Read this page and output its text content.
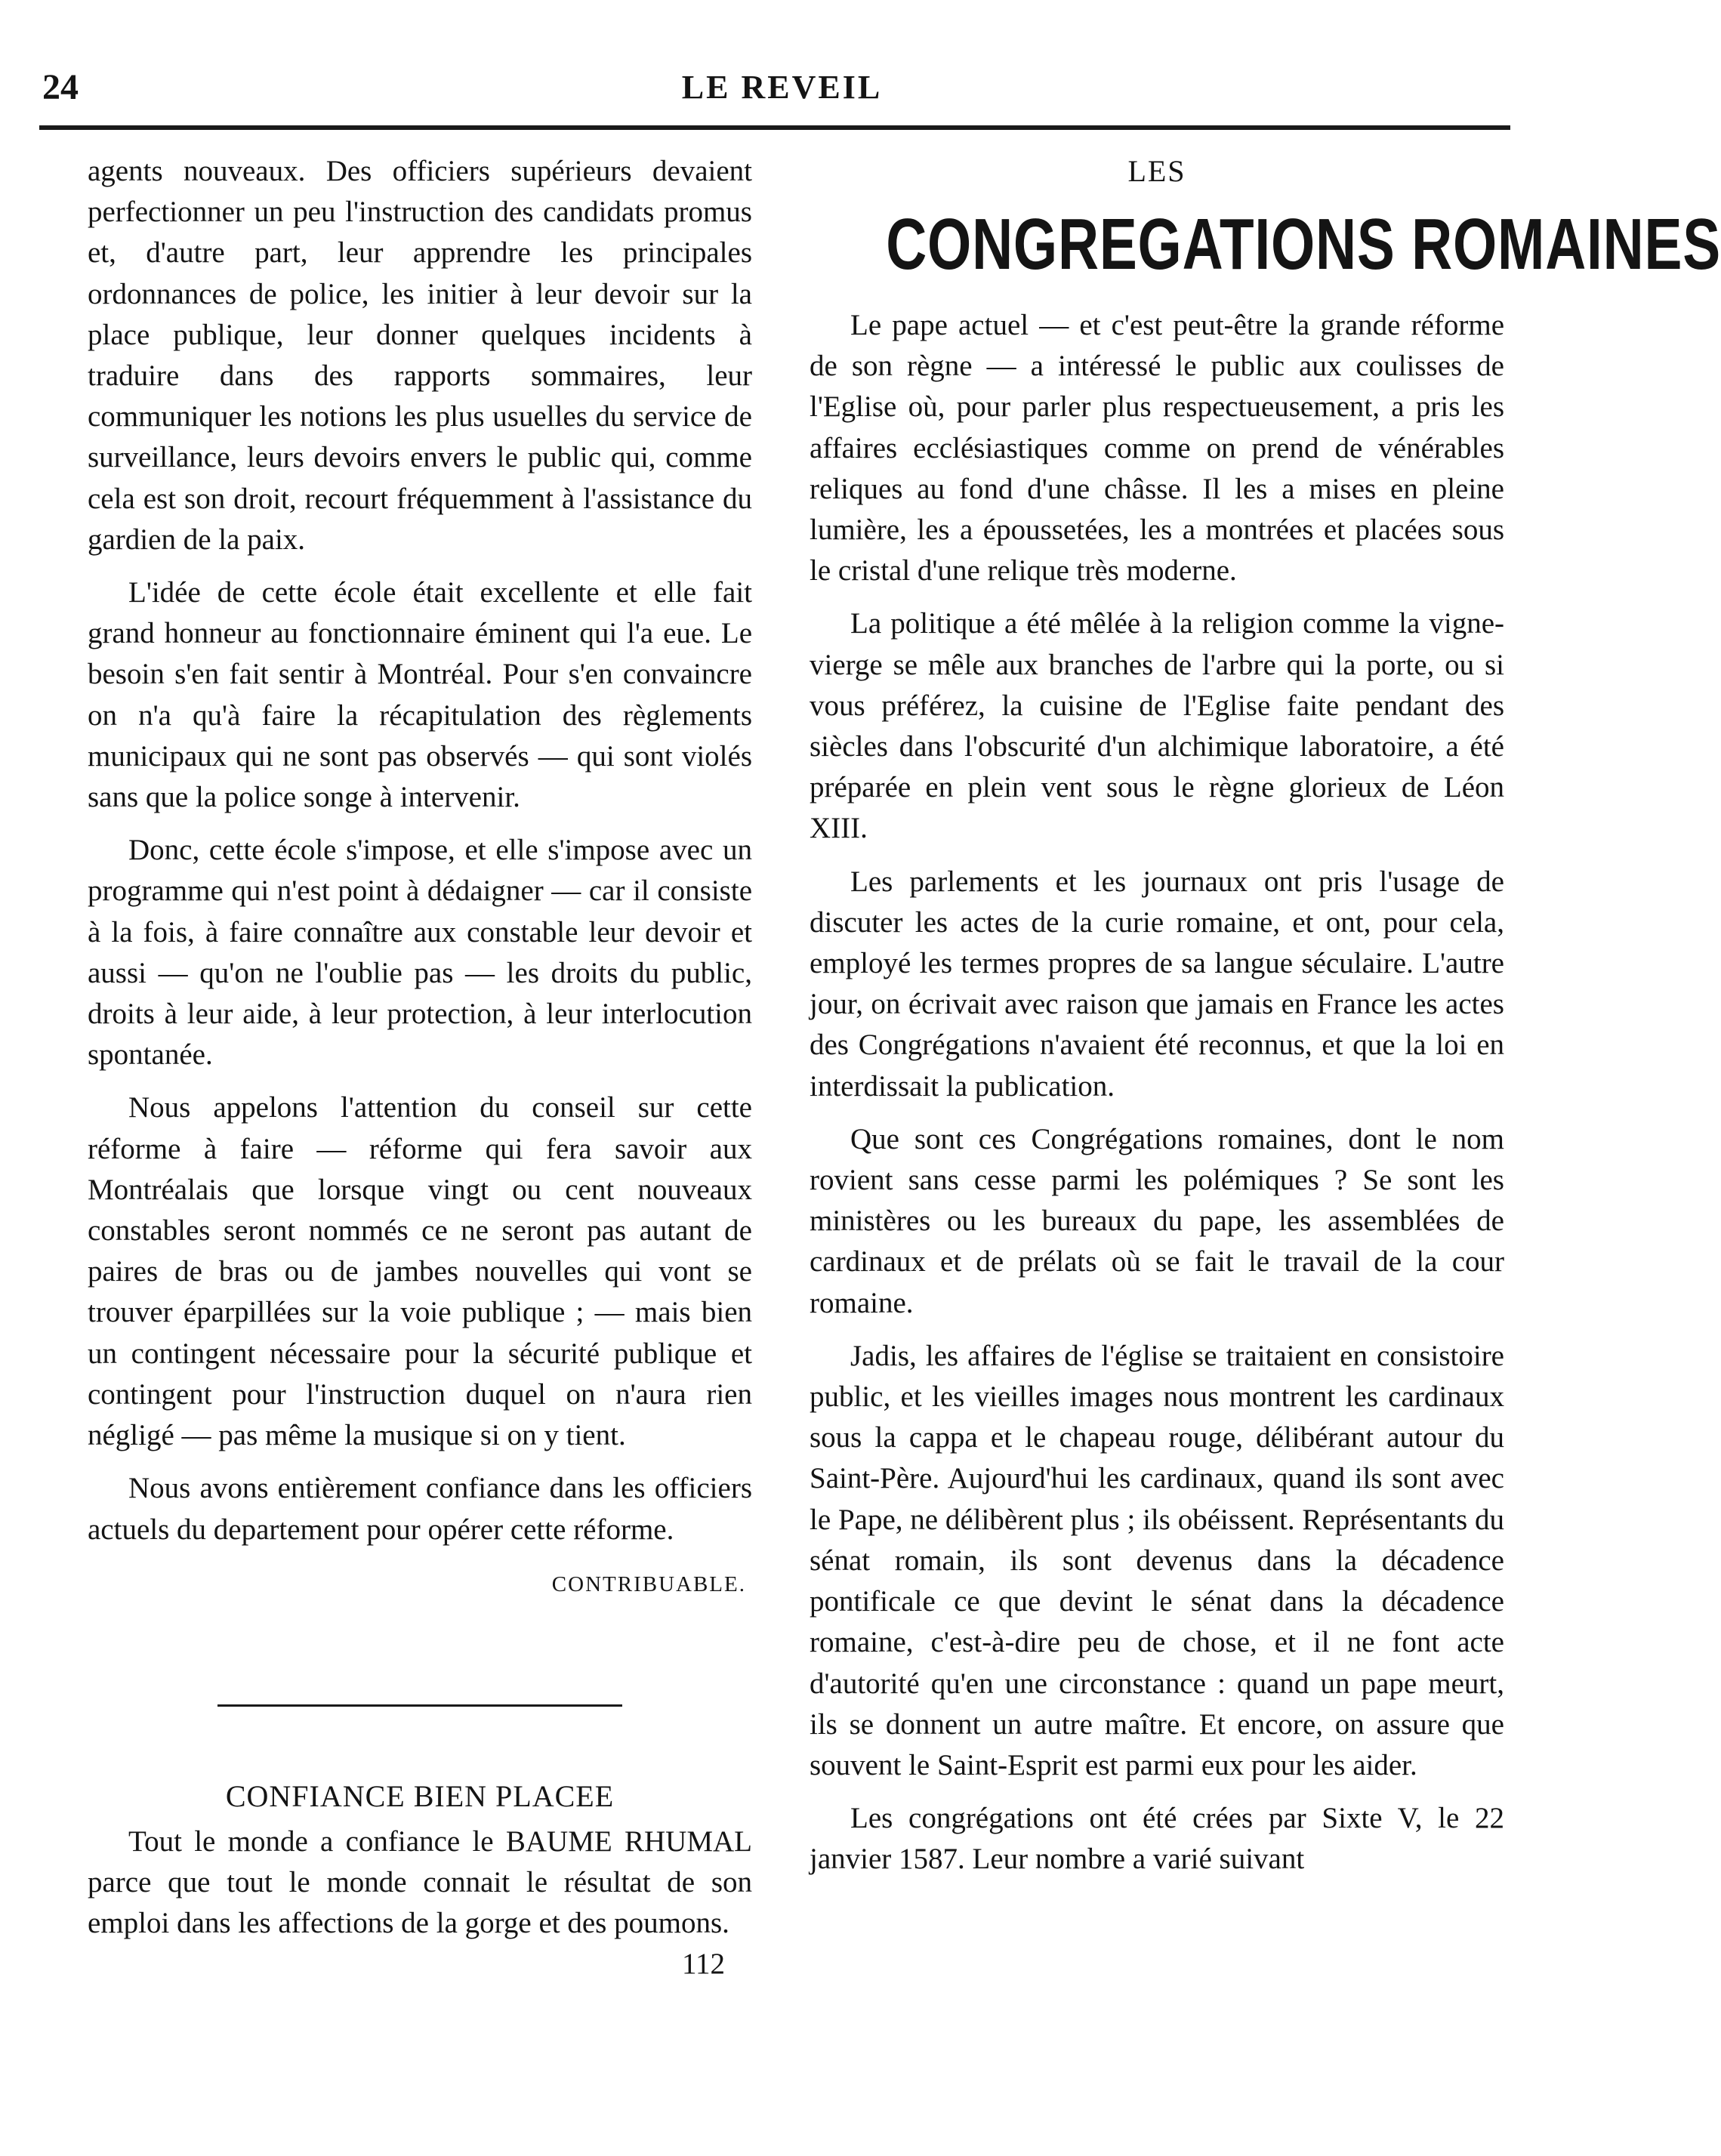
24	LE REVEIL

agents nouveaux. Des officiers supérieurs devaient perfectionner un peu l'instruction des candidats promus et, d'autre part, leur apprendre les principales ordonnances de police, les initier à leur devoir sur la place publique, leur donner quelques incidents à traduire dans des rapports sommaires, leur communiquer les notions les plus usuelles du service de surveillance, leurs devoirs envers le public qui, comme cela est son droit, recourt fréquemment à l'assistance du gardien de la paix.

L'idée de cette école était excellente et elle fait grand honneur au fonctionnaire éminent qui l'a eue. Le besoin s'en fait sentir à Montréal. Pour s'en convaincre on n'a qu'à faire la récapitulation des règlements municipaux qui ne sont pas observés — qui sont violés sans que la police songe à intervenir.

Donc, cette école s'impose, et elle s'impose avec un programme qui n'est point à dédaigner — car il consiste à la fois, à faire connaître aux constable leur devoir et aussi — qu'on ne l'oublie pas — les droits du public, droits à leur aide, à leur protection, à leur interlocution spontanée.

Nous appelons l'attention du conseil sur cette réforme à faire — réforme qui fera savoir aux Montréalais que lorsque vingt ou cent nouveaux constables seront nommés ce ne seront pas autant de paires de bras ou de jambes nouvelles qui vont se trouver éparpillées sur la voie publique ; — mais bien un contingent nécessaire pour la sécurité publique et contingent pour l'instruction duquel on n'aura rien négligé — pas même la musique si on y tient.

Nous avons entièrement confiance dans les officiers actuels du departement pour opérer cette réforme.

CONTRIBUABLE.
CONFIANCE BIEN PLACEE

Tout le monde a confiance le BAUME RHUMAL parce que tout le monde connait le résultat de son emploi dans les affections de la gorge et des poumons.
112

LES
CONGREGATIONS ROMAINES

Le pape actuel — et c'est peut-être la grande réforme de son règne — a intéressé le public aux coulisses de l'Eglise où, pour parler plus respectueusement, a pris les affaires ecclésiastiques comme on prend de vénérables reliques au fond d'une châsse. Il les a mises en pleine lumière, les a époussetées, les a montrées et placées sous le cristal d'une relique très moderne.

La politique a été mêlée à la religion comme la vigne-vierge se mêle aux branches de l'arbre qui la porte, ou si vous préférez, la cuisine de l'Eglise faite pendant des siècles dans l'obscurité d'un alchimique laboratoire, a été préparée en plein vent sous le règne glorieux de Léon XIII.

Les parlements et les journaux ont pris l'usage de discuter les actes de la curie romaine, et ont, pour cela, employé les termes propres de sa langue séculaire. L'autre jour, on écrivait avec raison que jamais en France les actes des Congrégations n'avaient été reconnus, et que la loi en interdissait la publication.

Que sont ces Congrégations romaines, dont le nom rovient sans cesse parmi les polémiques ? Se sont les ministères ou les bureaux du pape, les assemblées de cardinaux et de prélats où se fait le travail de la cour romaine.

Jadis, les affaires de l'église se traitaient en consistoire public, et les vieilles images nous montrent les cardinaux sous la cappa et le chapeau rouge, délibérant autour du Saint-Père. Aujourd'hui les cardinaux, quand ils sont avec le Pape, ne délibèrent plus ; ils obéissent. Représentants du sénat romain, ils sont devenus dans la décadence pontificale ce que devint le sénat dans la décadence romaine, c'est-à-dire peu de chose, et il ne font acte d'autorité qu'en une circonstance : quand un pape meurt, ils se donnent un autre maître. Et encore, on assure que souvent le Saint-Esprit est parmi eux pour les aider.

Les congrégations ont été crées par Sixte V, le 22 janvier 1587. Leur nombre a varié suivant
